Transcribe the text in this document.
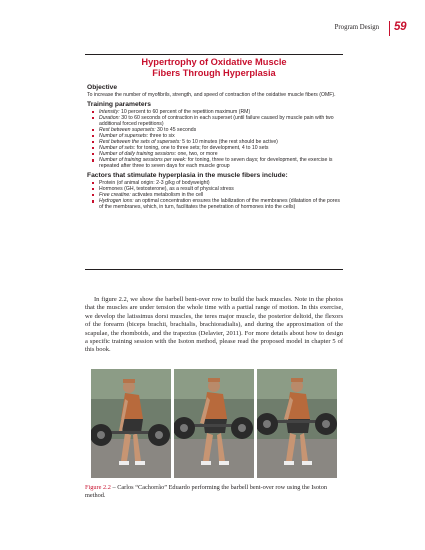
Program Design 59
Hypertrophy of Oxidative Muscle
Fibers Through Hyperplasia
Objective
To increase the number of myofibrils, strength, and speed of contraction of the oxidative muscle fibers (OMF).
Training parameters
Intensity: 10 percent to 60 percent of the repetition maximum (RM)
Duration: 30 to 60 seconds of contraction in each superset (until failure caused by muscle pain with two additional forced repetitions)
Rest between supersets: 30 to 45 seconds
Number of supersets: three to six
Rest between the sets of supersets: 5 to 10 minutes (the rest should be active)
Number of sets: for toning, one to three sets; for development, 4 to 10 sets
Number of daily training sessions: one, two, or more
Number of training sessions per week: for toning, three to seven days; for development, the exercise is repeated after three to seven days for each muscle group
Factors that stimulate hyperplasia in the muscle fibers include:
Protein (of animal origin: 2-3 g/kg of bodyweight)
Hormones (GH, testosterone), as a result of physical stress
Free creatine: activates metabolism in the cell
Hydrogen ions: an optimal concentration ensures the labilization of the membranes (dilatation of the pores of the membranes, which, in turn, facilitates the penetration of hormones into the cells)

In figure 2.2, we show the barbell bent-over row to build the back muscles. Note in the photos that the muscles are under tension the whole time with a partial range of motion. In this exercise, we develop the latissimus dorsi muscles, the teres major muscle, the posterior deltoid, the flexors of the forearm (biceps brachii, brachialis, brachioradialis), and during the approximation of the scapulae, the rhomboids, and the trapezius (Delavier, 2011). For more details about how to design a specific training session with the Isoton method, please read the proposed model in chapter 5 of this book.

Figure 2.2 – Carlos “Cachorrão” Eduardo performing the barbell bent-over row using the Isoton method.
